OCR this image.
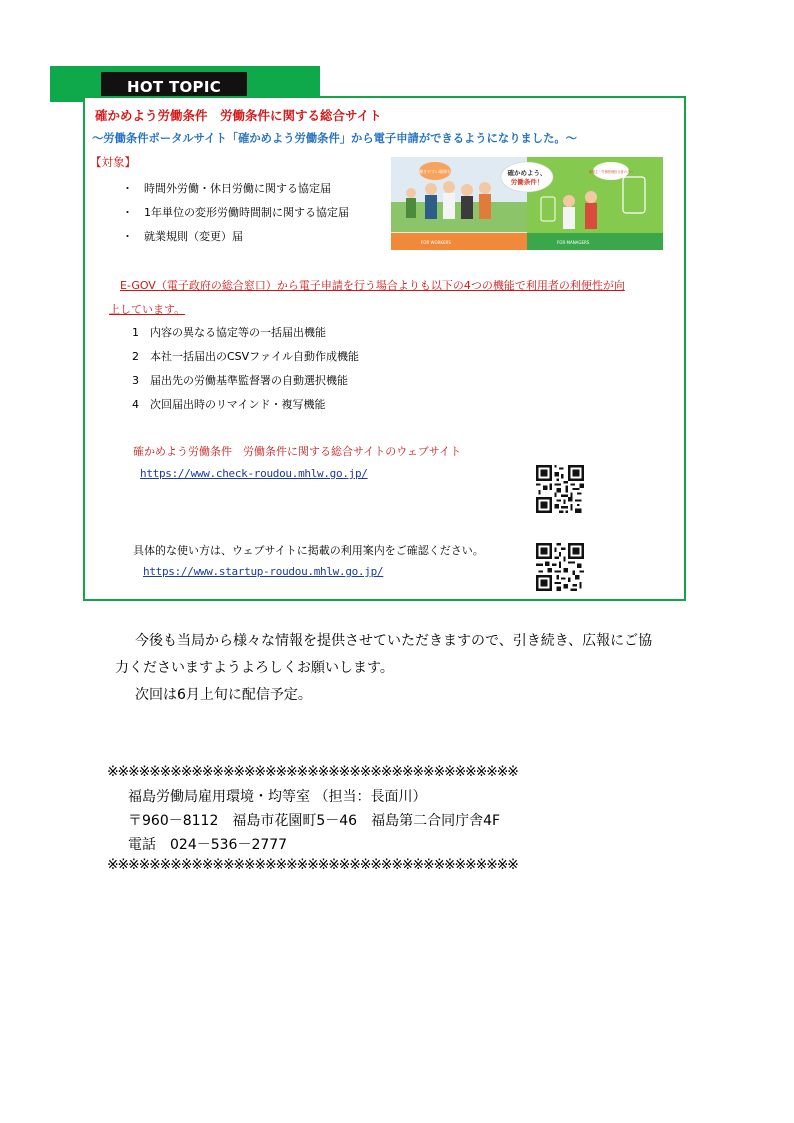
HOT TOPIC
確かめよう労働条件　労働条件に関する総合サイト
～労働条件ポータルサイト「確かめよう労働条件」から電子申請ができるようになりました。～
【対象】
・　時間外労働・休日労働に関する協定届
・　1年単位の変形労働時間制に関する協定届
・　就業規則（変更）届
働きやすい職場を	確かめよう、
労働条件！
事業主・労務管理担当者の方へ
FOR WORKERS	FOR MANAGERS
E-GOV（電子政府の総合窓口）から電子申請を行う場合よりも以下の4つの機能で利用者の利便性が向
上しています。
1　内容の異なる協定等の一括届出機能
2　本社一括届出のCSVファイル自動作成機能
3　届出先の労働基準監督署の自動選択機能
4　次回届出時のリマインド・複写機能
確かめよう労働条件　労働条件に関する総合サイトのウェブサイト
https://www.check-roudou.mhlw.go.jp/
具体的な使い方は、ウェブサイトに掲載の利用案内をご確認ください。
https://www.startup-roudou.mhlw.go.jp/
今後も当局から様々な情報を提供させていただきますので、引き続き、広報にご協
力くださいますようよろしくお願いします。
次回は6月上旬に配信予定。
※※※※※※※※※※※※※※※※※※※※※※※※※※※※※※※※※※※※※※※
福島労働局雇用環境・均等室 （担当：長面川）
〒960－8112　福島市花園町5－46　福島第二合同庁舎4F
電話　024－536－2777
※※※※※※※※※※※※※※※※※※※※※※※※※※※※※※※※※※※※※※※
